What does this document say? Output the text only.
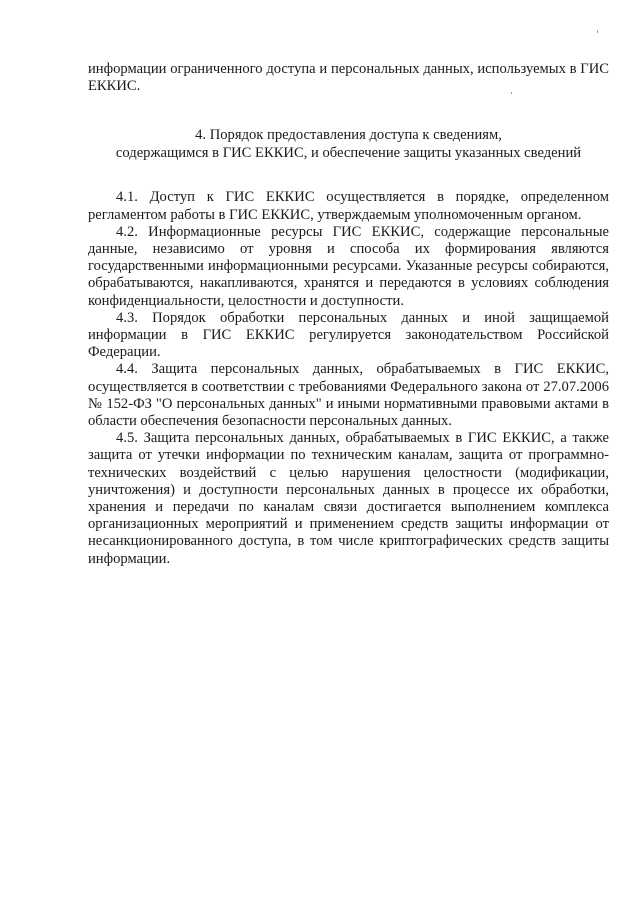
информации ограниченного доступа и персональных данных, используемых в ГИС ЕККИС.

4. Порядок предоставления доступа к сведениям,
содержащимся в ГИС ЕККИС, и обеспечение защиты указанных сведений

4.1. Доступ к ГИС ЕККИС осуществляется в порядке, определенном регламентом работы в ГИС ЕККИС, утверждаемым уполномоченным органом.

4.2. Информационные ресурсы ГИС ЕККИС, содержащие персональные данные, независимо от уровня и способа их формирования являются государственными информационными ресурсами. Указанные ресурсы собираются, обрабатываются, накапливаются, хранятся и передаются в условиях соблюдения конфиденциальности, целостности и доступности.

4.3. Порядок обработки персональных данных и иной защищаемой информации в ГИС ЕККИС регулируется законодательством Российской Федерации.

4.4. Защита персональных данных, обрабатываемых в ГИС ЕККИС, осуществляется в соответствии с требованиями Федерального закона от 27.07.2006 № 152-ФЗ "О персональных данных" и иными нормативными правовыми актами в области обеспечения безопасности персональных данных.

4.5. Защита персональных данных, обрабатываемых в ГИС ЕККИС, а также защита от утечки информации по техническим каналам, защита от программно-технических воздействий с целью нарушения целостности (модификации, уничтожения) и доступности персональных данных в процессе их обработки, хранения и передачи по каналам связи достигается выполнением комплекса организационных мероприятий и применением средств защиты информации от несанкционированного доступа, в том числе криптографических средств защиты информации.
